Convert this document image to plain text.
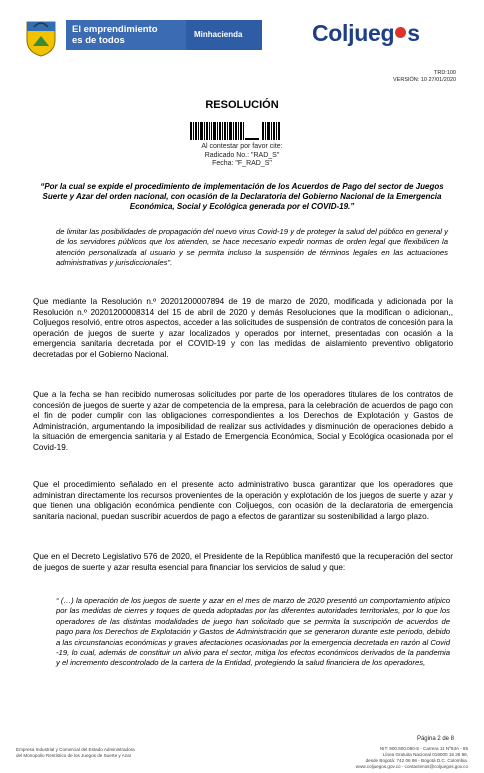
El emprendimiento
es de todos
Minhacienda	Coljueg s
TRD:100
VERSIÓN: 10 27/01/2020
RESOLUCIÓN
Al contestar por favor cite:
Radicado No.: "RAD_S"
Fecha: "F_RAD_S"
“Por la cual se expide el procedimiento de implementación de los Acuerdos de Pago del sector de Juegos Suerte y Azar del orden nacional, con ocasión de la Declaratoria del Gobierno Nacional de la Emergencia Económica, Social y Ecológica generada por el COVID-19.”
de limitar las posibilidades de propagación del nuevo virus Covid-19 y de proteger la salud del público en general y de los servidores públicos que los atienden, se hace necesario expedir normas de orden legal que flexibilicen la atención personalizada al usuario y se permita incluso la suspensión de términos legales en las actuaciones administrativas y jurisdiccionales”.
Que mediante la Resolución n.º 20201200007894 de 19 de marzo de 2020, modificada y adicionada por la Resolución n.º 20201200008314 del 15 de abril de 2020 y demás Resoluciones que la modifican o adicionan,, Coljuegos resolvió, entre otros aspectos, acceder a las solicitudes de suspensión de contratos de concesión para la operación de juegos de suerte y azar localizados y operados por internet, presentadas con ocasión a la emergencia sanitaria decretada por el COVID-19 y con las medidas de aislamiento preventivo obligatorio decretadas por el Gobierno Nacional.
Que a la fecha se han recibido numerosas solicitudes por parte de los operadores titulares de los contratos de concesión de juegos de suerte y azar de competencia de la empresa, para la celebración de acuerdos de pago con el fin de poder cumplir con las obligaciones correspondientes a los Derechos de Explotación y Gastos de Administración, argumentando la imposibilidad de realizar sus actividades y disminución de operaciones debido a la situación de emergencia sanitaria y al Estado de Emergencia Económica, Social y Ecológica ocasionada por el Covid-19.
Que el procedimiento señalado en el presente acto administrativo busca garantizar que los operadores que administran directamente los recursos provenientes de la operación y explotación de los juegos de suerte y azar y que tienen una obligación económica pendiente con Coljuegos, con ocasión de la declaratoria de emergencia sanitaria nacional, puedan suscribir acuerdos de pago a efectos de garantizar su sostenibilidad a largo plazo.
Que en el Decreto Legislativo 576 de 2020, el Presidente de la República manifestó que la recuperación del sector de juegos de suerte y azar resulta esencial para financiar los servicios de salud y que:
“ (…) la operación de los juegos de suerte y azar en el mes de marzo de 2020 presentó un comportamiento atípico por las medidas de cierres y toques de queda adoptadas por las diferentes autoridades territoriales, por lo que los operadores de las distintas modalidades de juego han solicitado que se permita la suscripción de acuerdos de pago para los Derechos de Explotación y Gastos de Administración que se generaron durante este periodo, debido a las circunstancias económicas y graves afectaciones ocasionadas por la emergencia decretada en razón al Covid -19, lo cual, además de constituir un alivio para el sector, mitiga los efectos económicos derivados de la pandemia y el incremento descontrolado de la cartera de la Entidad, protegiendo la salud financiera de los operadores,
Página 2 de 8
Empresa Industrial y Comercial del Estado Administradora
del Monopolio Rentístico de los Juegos de Suerte y Azar
NIT: 900.500.060-5 - Carrera 11 Nº93A - 85
Línea Gratuita Nacional 018000 18 28 88,
desde Bogotá: 742 06 98 - Bogotá D.C. Colombia.
www.coljuegos.gov.co - contactenos@coljuegos.gov.co
